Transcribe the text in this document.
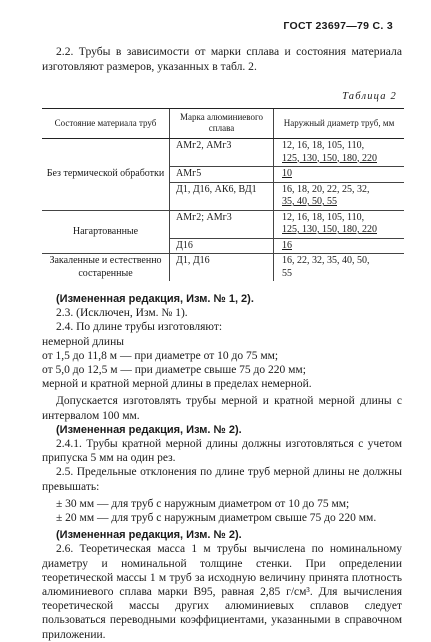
ГОСТ 23697—79 С. 3

2.2. Трубы в зависимости от марки сплава и состояния материала изготовляют размеров, указанных в табл. 2.

Таблица 2
Состояние материала труб	Марка алюминиевого сплава	Наружный диаметр труб, мм
Без термической обработки	АМг2, АМг3	12, 16, 18, 105, 110,
125, 130, 150, 180, 220

	АМг5	10

	Д1, Д16, АК6, ВД1	16, 18, 20, 22, 25, 32,
35, 40, 50, 55

Нагартованные	АМг2; АМг3	12, 16, 18, 105, 110,
125, 130, 150, 180, 220

	Д16	16

Закаленные и естественно состаренные	Д1, Д16	16, 22, 32, 35, 40, 50,
55

(Измененная редакция, Изм. № 1, 2).

2.3. (Исключен, Изм. № 1).

2.4. По длине трубы изготовляют:

немерной длины

от 1,5 до 11,8 м — при диаметре от 10 до 75 мм;

от 5,0 до 12,5 м — при диаметре свыше 75 до 220 мм;

мерной и кратной мерной длины в пределах немерной.

Допускается изготовлять трубы мерной и кратной мерной длины с интервалом 100 мм.

(Измененная редакция, Изм. № 2).

2.4.1. Трубы кратной мерной длины должны изготовляться с учетом припуска 5 мм на один рез.

2.5. Предельные отклонения по длине труб мерной длины не должны превышать:

± 30 мм — для труб с наружным диаметром от 10 до 75 мм;

± 20 мм — для труб с наружным диаметром свыше 75 до 220 мм.

(Измененная редакция, Изм. № 2).

2.6. Теоретическая масса 1 м трубы вычислена по номинальному диаметру и номинальной толщине стенки. При определении теоретической массы 1 м труб за исходную величину принята плотность алюминиевого сплава марки В95, равная 2,85 г/см³. Для вычисления теоретической массы других алюминиевых сплавов следует пользоваться переводными коэффициентами, указанными в справочном приложении.
